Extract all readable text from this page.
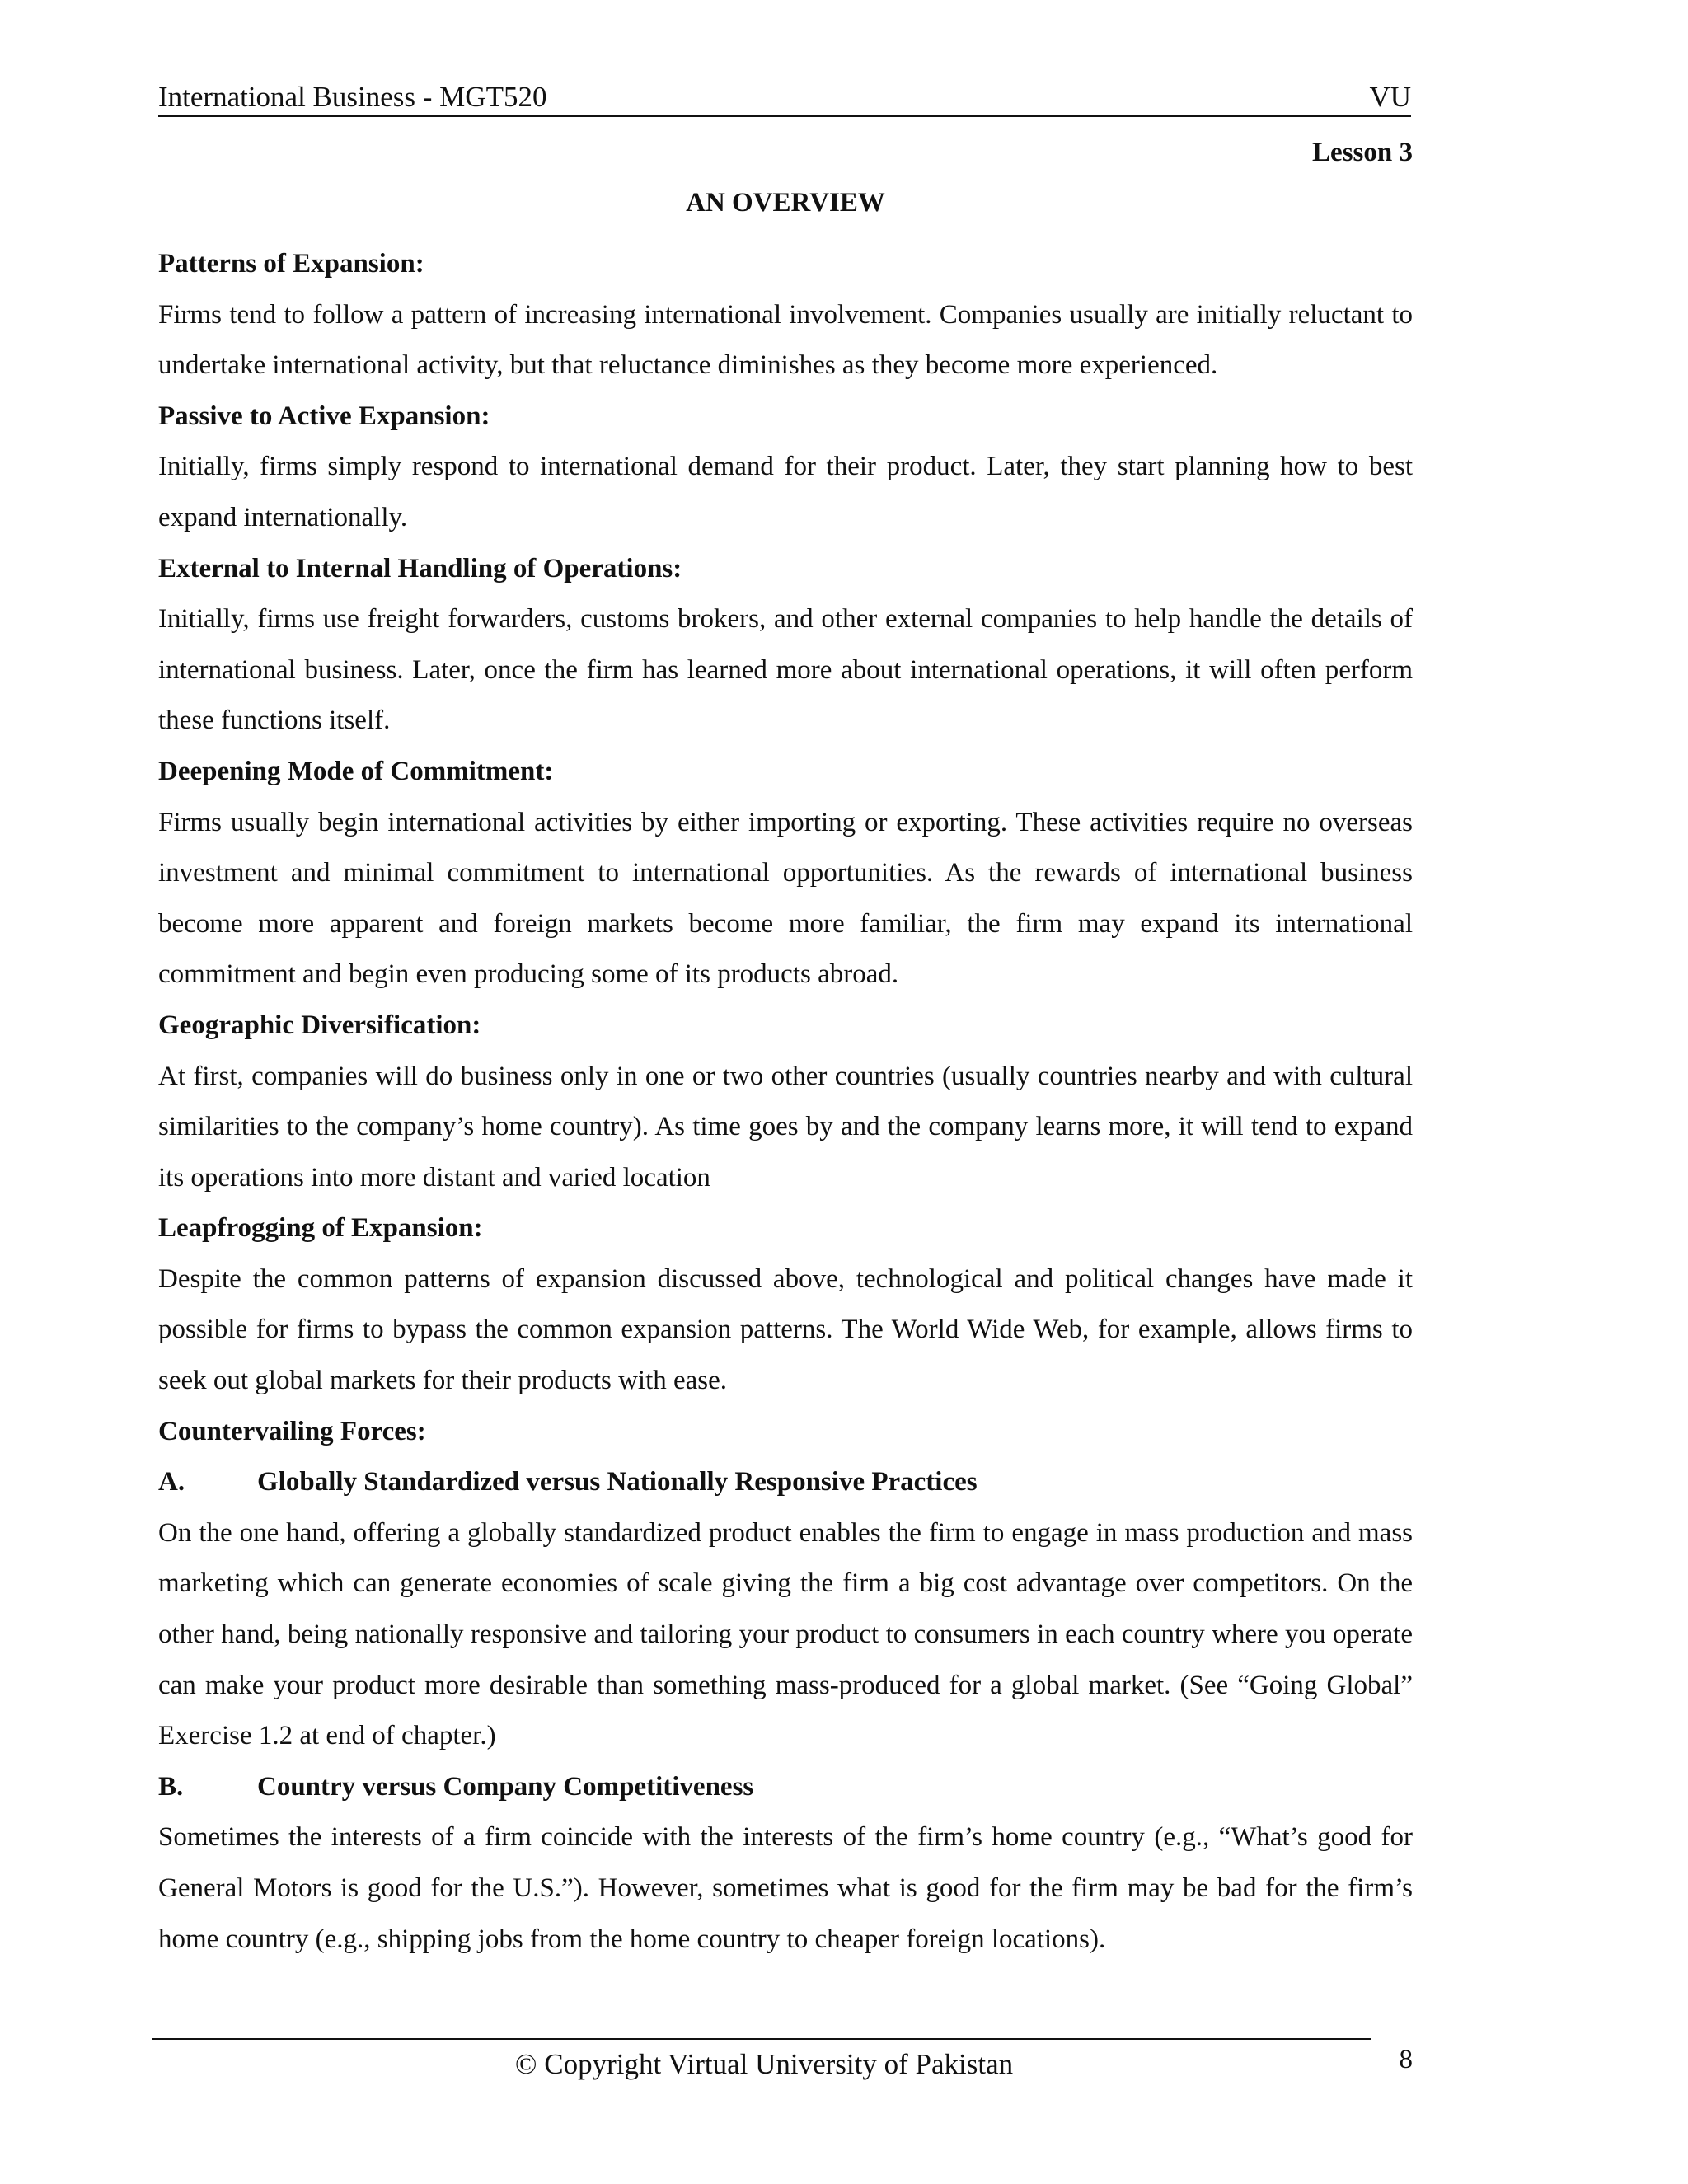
International Business - MGT520	VU
Lesson 3
AN OVERVIEW
Patterns of Expansion:

Firms tend to follow a pattern of increasing international involvement. Companies usually are initially reluctant to undertake international activity, but that reluctance diminishes as they become more experienced.

Passive to Active Expansion:

Initially, firms simply respond to international demand for their product. Later, they start planning how to best expand internationally.

External to Internal Handling of Operations:

Initially, firms use freight forwarders, customs brokers, and other external companies to help handle the details of international business. Later, once the firm has learned more about international operations, it will often perform these functions itself.

Deepening Mode of Commitment:

Firms usually begin international activities by either importing or exporting. These activities require no overseas investment and minimal commitment to international opportunities. As the rewards of international business become more apparent and foreign markets become more familiar, the firm may expand its international commitment and begin even producing some of its products abroad.

Geographic Diversification:

At first, companies will do business only in one or two other countries (usually countries nearby and with cultural similarities to the company’s home country). As time goes by and the company learns more, it will tend to expand its operations into more distant and varied location

Leapfrogging of Expansion:

Despite the common patterns of expansion discussed above, technological and political changes have made it possible for firms to bypass the common expansion patterns. The World Wide Web, for example, allows firms to seek out global markets for their products with ease.

Countervailing Forces:
A.	Globally Standardized versus Nationally Responsive Practices

On the one hand, offering a globally standardized product enables the firm to engage in mass production and mass marketing which can generate economies of scale giving the firm a big cost advantage over competitors. On the other hand, being nationally responsive and tailoring your product to consumers in each country where you operate can make your product more desirable than something mass-produced for a global market. (See “Going Global” Exercise 1.2 at end of chapter.)

B.	Country versus Company Competitiveness

Sometimes the interests of a firm coincide with the interests of the firm’s home country (e.g., “What’s good for General Motors is good for the U.S.”). However, sometimes what is good for the firm may be bad for the firm’s home country (e.g., shipping jobs from the home country to cheaper foreign locations).

© Copyright Virtual University of Pakistan	8
